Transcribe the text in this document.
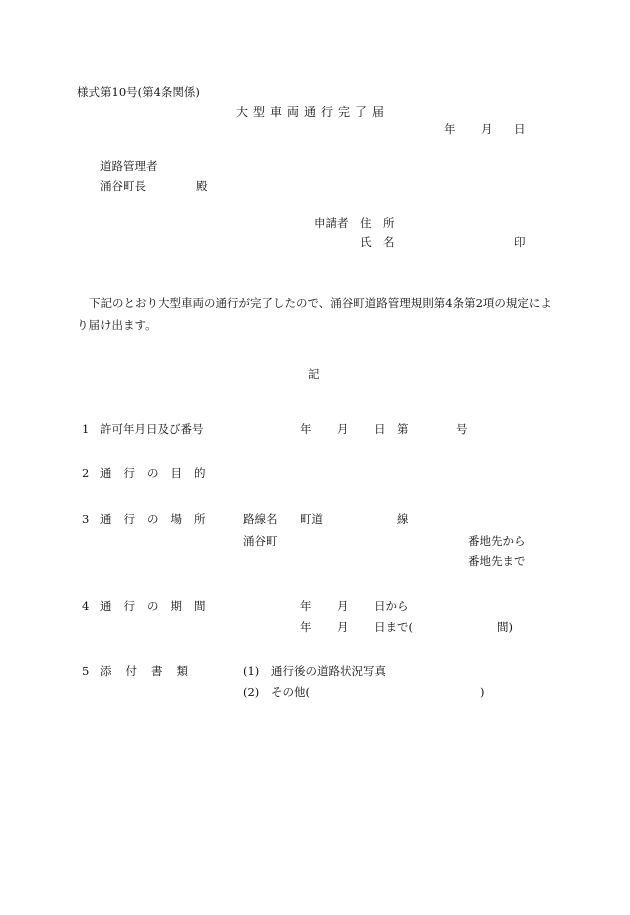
様式第10号(第4条関係)
大型車両通行完了届
年 月 日
道路管理者
涌谷町長	殿
申請者 住　所
氏　名	印
下記のとおり大型車両の通行が完了したので、涌谷町道路管理規則第4条第2項の規定により届け出ます。
記
1 許可年月日及び番号	年 月 日 第	号
2 通行の目的
3 通行の場所 路線名 町道	線
涌谷町	番地先から
番地先まで
4 通行の期間	年 月 日から
年 月 日まで(	間)
5 添付書類	(1) 通行後の道路状況写真
(2) その他(	)
